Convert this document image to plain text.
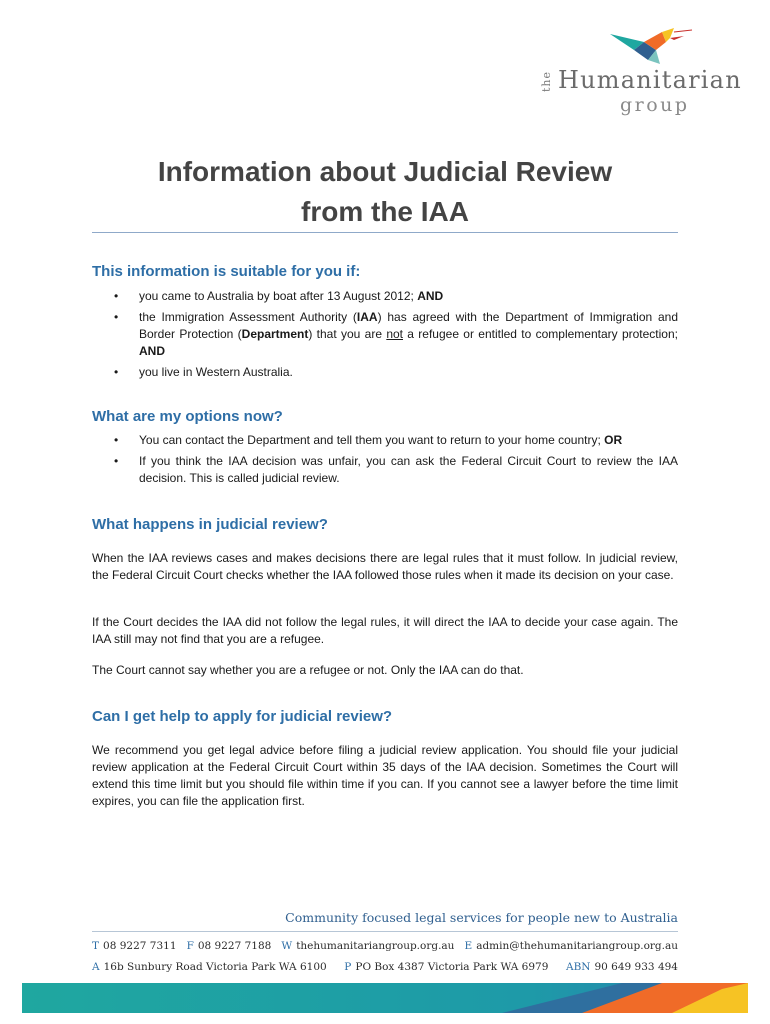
the Humanitarian
group
Information about Judicial Review
from the IAA
This information is suitable for you if:
• you came to Australia by boat after 13 August 2012; AND
• the Immigration Assessment Authority (IAA) has agreed with the Department of Immigration and Border Protection (Department) that you are not a refugee or entitled to complementary protection; AND
• you live in Western Australia.
What are my options now?
• You can contact the Department and tell them you want to return to your home country; OR
• If you think the IAA decision was unfair, you can ask the Federal Circuit Court to review the IAA decision. This is called judicial review.
What happens in judicial review?

When the IAA reviews cases and makes decisions there are legal rules that it must follow. In judicial review, the Federal Circuit Court checks whether the IAA followed those rules when it made its decision on your case.

If the Court decides the IAA did not follow the legal rules, it will direct the IAA to decide your case again. The IAA still may not find that you are a refugee.

The Court cannot say whether you are a refugee or not. Only the IAA can do that.

Can I get help to apply for judicial review?

We recommend you get legal advice before filing a judicial review application. You should file your judicial review application at the Federal Circuit Court within 35 days of the IAA decision. Sometimes the Court will extend this time limit but you should file within time if you can. If you cannot see a lawyer before the time limit expires, you can file the application first.

Community focused legal services for people new to Australia
T 08 9227 7311 F 08 9227 7188 W thehumanitariangroup.org.au E admin@thehumanitariangroup.org.au
A 16b Sunbury Road Victoria Park WA 6100 P PO Box 4387 Victoria Park WA 6979 ABN 90 649 933 494
